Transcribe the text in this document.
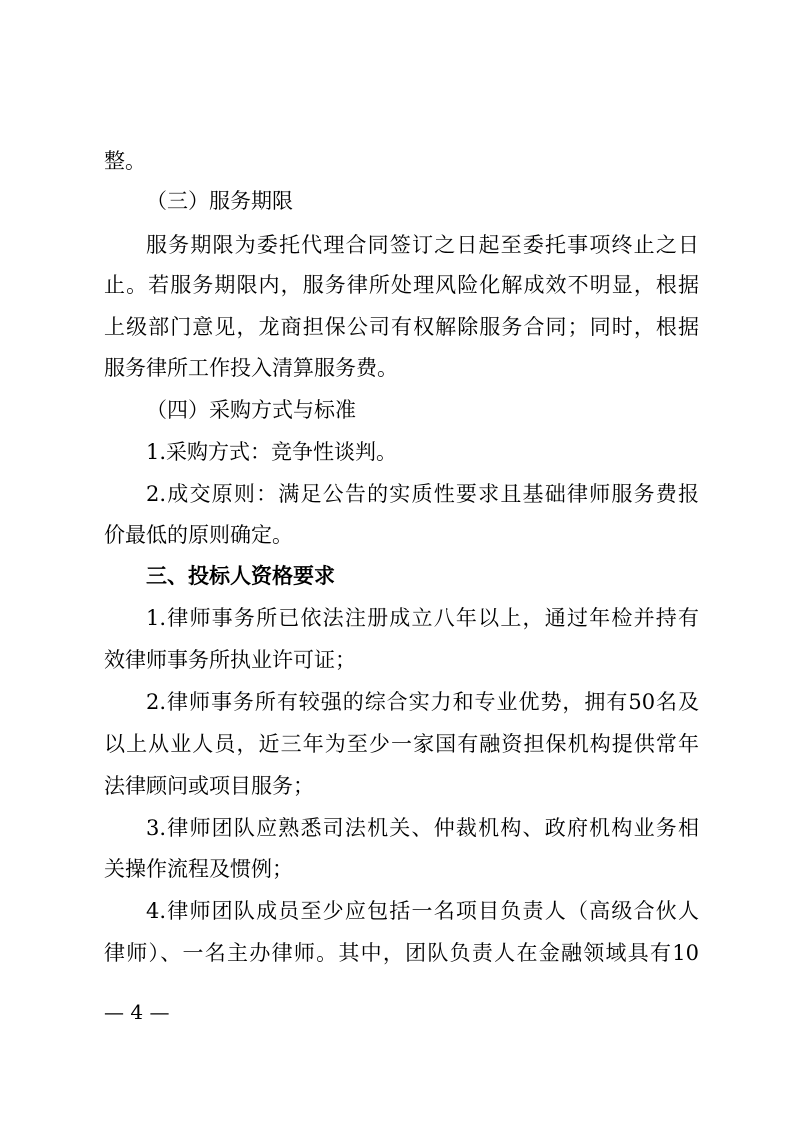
整。

（三）服务期限

服务期限为委托代理合同签订之日起至委托事项终止之日

止。若服务期限内，服务律所处理风险化解成效不明显，根据

上级部门意见，龙商担保公司有权解除服务合同；同时，根据

服务律所工作投入清算服务费。

（四）采购方式与标准

1.采购方式：竞争性谈判。

2.成交原则：满足公告的实质性要求且基础律师服务费报

价最低的原则确定。

三、投标人资格要求

1.律师事务所已依法注册成立八年以上，通过年检并持有

效律师事务所执业许可证；

2.律师事务所有较强的综合实力和专业优势，拥有50名及

以上从业人员，近三年为至少一家国有融资担保机构提供常年

法律顾问或项目服务；

3.律师团队应熟悉司法机关、仲裁机构、政府机构业务相

关操作流程及惯例；

4.律师团队成员至少应包括一名项目负责人（高级合伙人

律师）、一名主办律师。其中，团队负责人在金融领域具有10

— 4 —
